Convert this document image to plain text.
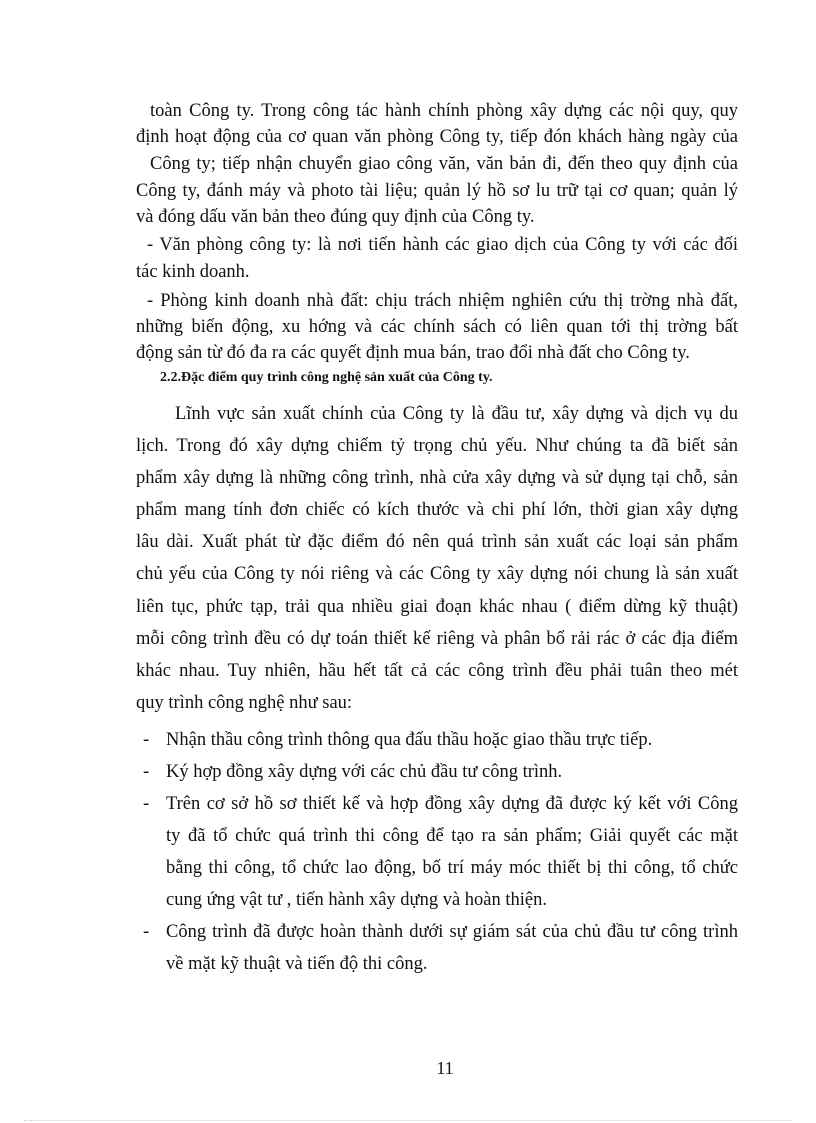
toàn Công ty. Trong công tác hành chính phòng xây dựng các nội quy, quy
định hoạt động của cơ quan văn phòng Công ty, tiếp đón khách hàng ngày của
Công ty; tiếp nhận chuyển giao công văn, văn bản đi, đến theo quy định của
Công ty, đánh máy và photo tài liệu; quản lý hồ sơ lu trữ tại cơ quan; quản lý
và đóng dấu văn bản theo đúng quy định của Công ty.
- Văn phòng công ty: là nơi tiến hành các giao dịch của Công ty với các đối
tác kinh doanh.
- Phòng kinh doanh nhà đất: chịu trách nhiệm nghiên cứu thị trờng nhà đất,
những biến động, xu hớng và các chính sách có liên quan tới thị trờng bất
động sản từ đó đa ra các quyết định mua bán, trao đổi nhà đất cho Công ty.
2.2.Đặc điểm quy trình công nghệ sản xuất của Công ty.
Lĩnh vực sản xuất chính của Công ty là đầu tư, xây dựng và dịch vụ du
lịch. Trong đó xây dựng chiếm tỷ trọng chủ yếu. Như chúng ta đã biết sản
phẩm xây dựng là những công trình, nhà cửa xây dựng và sử dụng tại chỗ, sản
phẩm mang tính đơn chiếc có kích thước và chi phí lớn, thời gian xây dựng
lâu dài. Xuất phát từ đặc điểm đó nên quá trình sản xuất các loại sản phẩm
chủ yếu của Công ty nói riêng và các Công ty xây dựng nói chung là sản xuất
liên tục, phức tạp, trải qua nhiều giai đoạn khác nhau ( điểm dừng kỹ thuật)
mỗi công trình đều có dự toán thiết kế riêng và phân bổ rải rác ở các địa điểm
khác nhau. Tuy nhiên, hầu hết tất cả các công trình đều phải tuân theo mét
quy trình công nghệ như sau:
- Nhận thầu công trình thông qua đấu thầu hoặc giao thầu trực tiếp.
- Ký hợp đồng xây dựng với các chủ đầu tư công trình.
- Trên cơ sở hồ sơ thiết kế và hợp đồng xây dựng đã được ký kết với Công
ty đã tổ chức quá trình thi công để tạo ra sản phẩm; Giải quyết các mặt
bằng thi công, tổ chức lao động, bố trí máy móc thiết bị thi công, tổ chức
cung ứng vật tư , tiến hành xây dựng và hoàn thiện.
- Công trình đã được hoàn thành dưới sự giám sát của chủ đầu tư công trình
về mặt kỹ thuật và tiến độ thi công.
11
